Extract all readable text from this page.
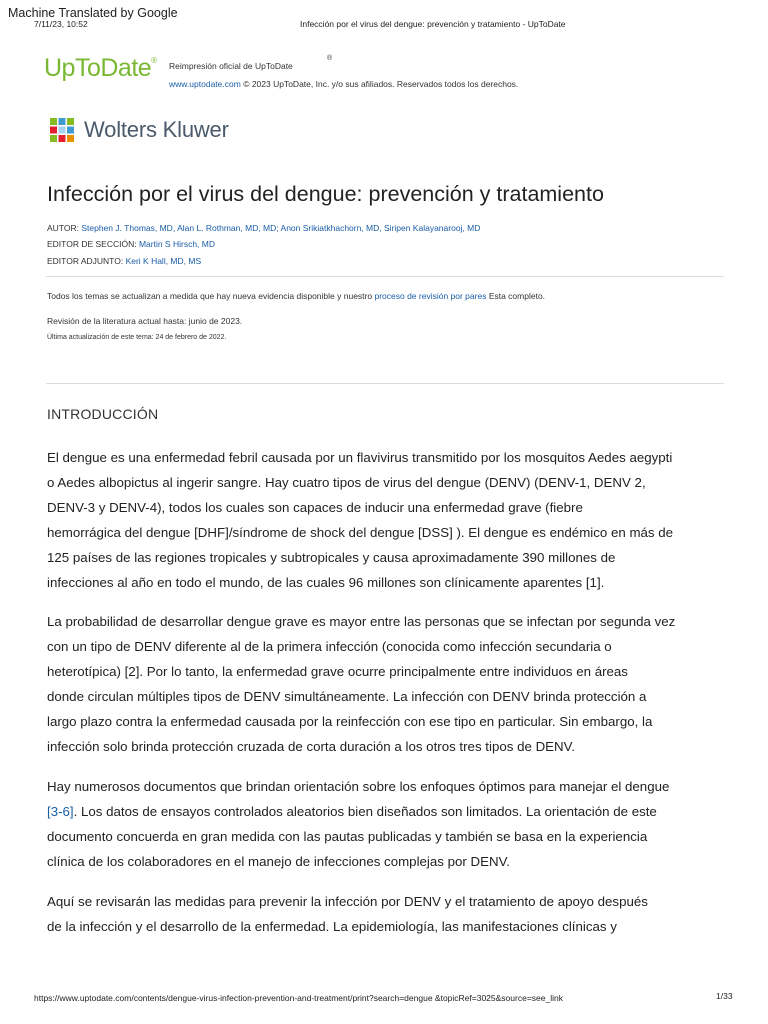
Machine Translated by Google
7/11/23, 10:52	Infección por el virus del dengue: prevención y tratamiento - UpToDate
UpToDate®
Reimpresión oficial de UpToDate
®
www.uptodate.com © 2023 UpToDate, Inc. y/o sus afiliados. Reservados todos los derechos.
Wolters Kluwer
Infección por el virus del dengue: prevención y tratamiento
AUTOR: Stephen J. Thomas, MD, Alan L. Rothman, MD, MD; Anon Srikiatkhachorn, MD, Siripen Kalayanarooj, MD
EDITOR DE SECCIÓN: Martin S Hirsch, MD
EDITOR ADJUNTO: Keri K Hall, MD, MS
Todos los temas se actualizan a medida que hay nueva evidencia disponible y nuestro proceso de revisión por pares Esta completo.
Revisión de la literatura actual hasta: junio de 2023.
Última actualización de este tema: 24 de febrero de 2022.
INTRODUCCIÓN

El dengue es una enfermedad febril causada por un flavivirus transmitido por los mosquitos Aedes aegypti
o Aedes albopictus al ingerir sangre. Hay cuatro tipos de virus del dengue (DENV) (DENV-1, DENV 2,
DENV-3 y DENV-4), todos los cuales son capaces de inducir una enfermedad grave (fiebre
hemorrágica del dengue [DHF]/síndrome de shock del dengue [DSS] ). El dengue es endémico en más de
125 países de las regiones tropicales y subtropicales y causa aproximadamente 390 millones de
infecciones al año en todo el mundo, de las cuales 96 millones son clínicamente aparentes [1].

La probabilidad de desarrollar dengue grave es mayor entre las personas que se infectan por segunda vez
con un tipo de DENV diferente al de la primera infección (conocida como infección secundaria o
heterotípica) [2]. Por lo tanto, la enfermedad grave ocurre principalmente entre individuos en áreas
donde circulan múltiples tipos de DENV simultáneamente. La infección con DENV brinda protección a
largo plazo contra la enfermedad causada por la reinfección con ese tipo en particular. Sin embargo, la
infección solo brinda protección cruzada de corta duración a los otros tres tipos de DENV.

Hay numerosos documentos que brindan orientación sobre los enfoques óptimos para manejar el dengue
[3-6]. Los datos de ensayos controlados aleatorios bien diseñados son limitados. La orientación de este
documento concuerda en gran medida con las pautas publicadas y también se basa en la experiencia
clínica de los colaboradores en el manejo de infecciones complejas por DENV.

Aquí se revisarán las medidas para prevenir la infección por DENV y el tratamiento de apoyo después
de la infección y el desarrollo de la enfermedad. La epidemiología, las manifestaciones clínicas y

https://www.uptodate.com/contents/dengue-virus-infection-prevention-and-treatment/print?search=dengue &topicRef=3025&source=see_link	1/33
